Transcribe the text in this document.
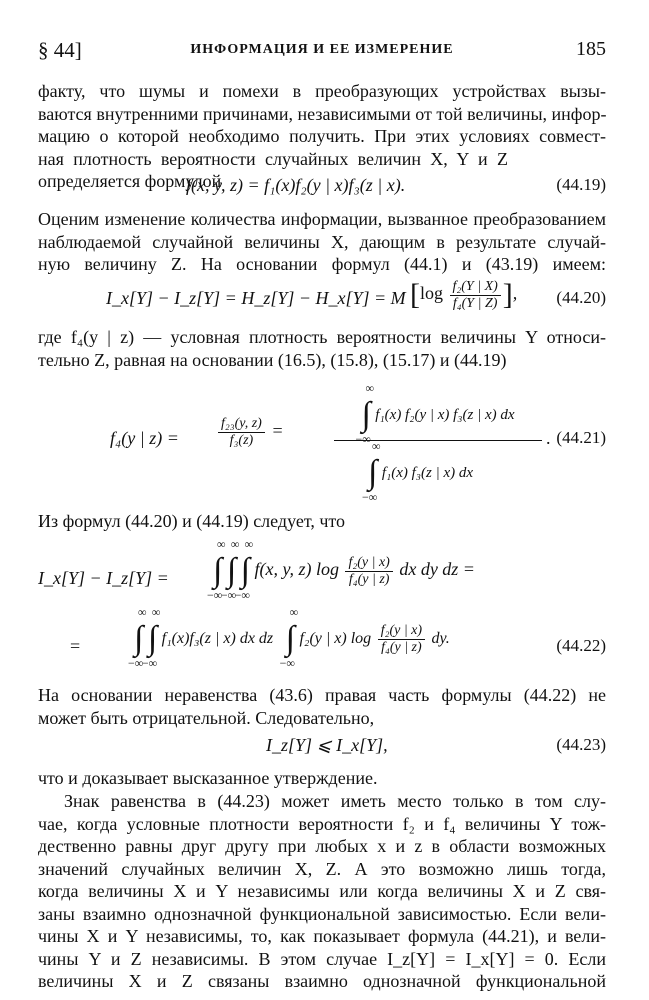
§ 44]	ИНФОРМАЦИЯ И ЕЕ ИЗМЕРЕНИЕ	185
факту, что шумы и помехи в преобразующих устройствах вызы-
ваются внутренними причинами, независимыми от той величины, инфор-
мацию о которой необходимо получить. При этих условиях совмест-
ная плотность вероятности случайных величин X, Y и Z определяется формулой
f(x, y, z) = f₁(x)f₂(y | x)f₃(z | x).	(44.19)
Оценим изменение количества информации, вызванное преобразованием
наблюдаемой случайной величины X, дающим в результате случай-
ную величину Z. На основании формул (44.1) и (43.19) имеем:
I_x[Y] − I_z[Y] = H_z[Y] − H_x[Y] = M [$\log \frac{\text{f₂(Y | X)}}{\text{f₄(Y | Z)}}$ ], (44.20)
где f₄(y | z) — условная плотность вероятности величины Y относи-
тельно Z, равная на основании (16.5), (15.8), (15.17) и (44.19)
f₄(y | z) =	$\frac{\text{f₂₃(y, z)}}{\text{f₃(z)}}$ =	∫
∞
−∞
f₁(x) f₂(y | x) f₃(z | x) dx
∫
∞
−∞
f₁(x) f₃(z | x) dx
. (44.21)
Из формул (44.20) и (44.19) следует, что
I_x[Y] − I_z[Y] = ∫
∞
−∞
∫
∞
−∞
∫
∞
−∞
f(x, y, z) $\log \frac{\text{f₂(y | x)}}{\text{f₄(y | z)}}$ dx dy dz =
= ∫
∞
−∞
∫
∞
−∞
f₁(x)f₃(z | x) dx dz ∫
∞
−∞
f₂(y | x) $\log \frac{\text{f₂(y | x)}}{\text{f₄(y | z)}}$ dy.	(44.22)
На основании неравенства (43.6) правая часть формулы (44.22) не
может быть отрицательной. Следовательно,
I_z[Y] ⩽ I_x[Y],	(44.23)
что и доказывает высказанное утверждение.
Знак равенства в (44.23) может иметь место только в том слу-
чае, когда условные плотности вероятности f₂ и f₄ величины Y тож-
дественно равны друг другу при любых x и z в области возможных
значений случайных величин X, Z. А это возможно лишь тогда,
когда величины X и Y независимы или когда величины X и Z свя-
заны взаимно однозначной функциональной зависимостью. Если вели-
чины X и Y независимы, то, как показывает формула (44.21), и вели-
чины Y и Z независимы. В этом случае I_z[Y] = I_x[Y] = 0. Если
величины X и Z связаны взаимно однозначной функциональной
